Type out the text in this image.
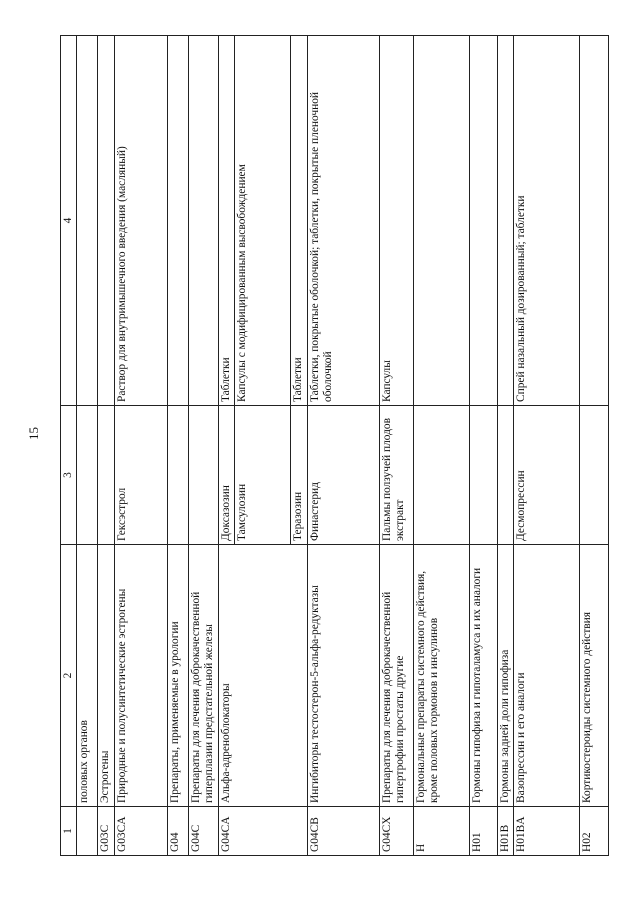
15
1	2	3	4
	половых органов		
G03C	Эстрогены		
G03CA	Природные и полусинтетические эстрогены	Гексэстрол	Раствор для внутримышечного введения (масляный)
G04	Препараты, применяемые в урологии		
G04C	Препараты для лечения доброкачественной гиперплазии предстательной железы		
G04CA	Альфа-адреноблокаторы	Доксазозин	Таблетки
		Тамсулозин	Капсулы с модифицированным высвобождением
		Теразозин	Таблетки
G04CB	Ингибиторы тестостерон-5-альфа-редуктазы	Финастерид	Таблетки, покрытые оболочкой; таблетки, покрытые пленочной оболочкой
G04CX	Препараты для лечения доброкачественной гипертрофии простаты другие	Пальмы ползучей плодов экстракт	Капсулы
H	Гормональные препараты системного действия, кроме половых гормонов и инсулинов		
H01	Гормоны гипофиза и гипоталамуса и их аналоги		
H01B	Гормоны задней доли гипофиза		
H01BA	Вазопрессин и его аналоги	Десмопрессин	Спрей назальный дозированный; таблетки
H02	Кортикостероиды системного действия		
